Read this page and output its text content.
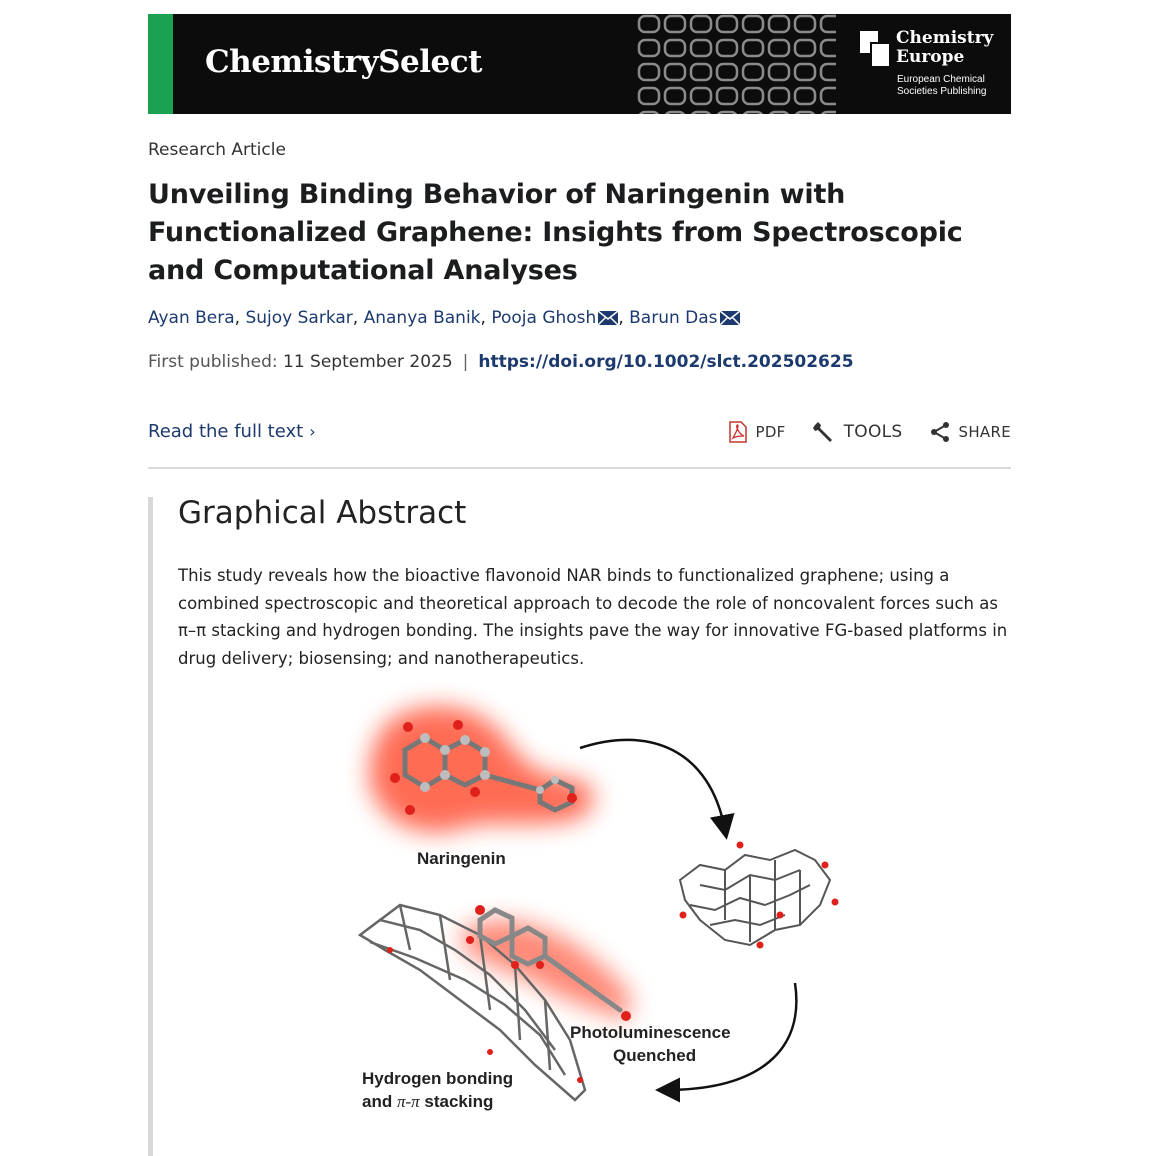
ChemistrySelect
Chemistry Europe
European Chemical Societies Publishing
Research Article
Unveiling Binding Behavior of Naringenin with Functionalized Graphene: Insights from Spectroscopic and Computational Analyses
Ayan Bera, Sujoy Sarkar, Ananya Banik, Pooja Ghosh , Barun Das
First published: 11 September 2025 | https://doi.org/10.1002/slct.202502625
Read the full text ›	PDF	TOOLS	SHARE
Graphical Abstract

This study reveals how the bioactive flavonoid NAR binds to functionalized graphene; using a combined spectroscopic and theoretical approach to decode the role of noncovalent forces such as π–π stacking and hydrogen bonding. The insights pave the way for innovative FG-based platforms in drug delivery; biosensing; and nanotherapeutics.

Naringenin
Photoluminescence
Quenched
Hydrogen bonding
and π-π stacking
